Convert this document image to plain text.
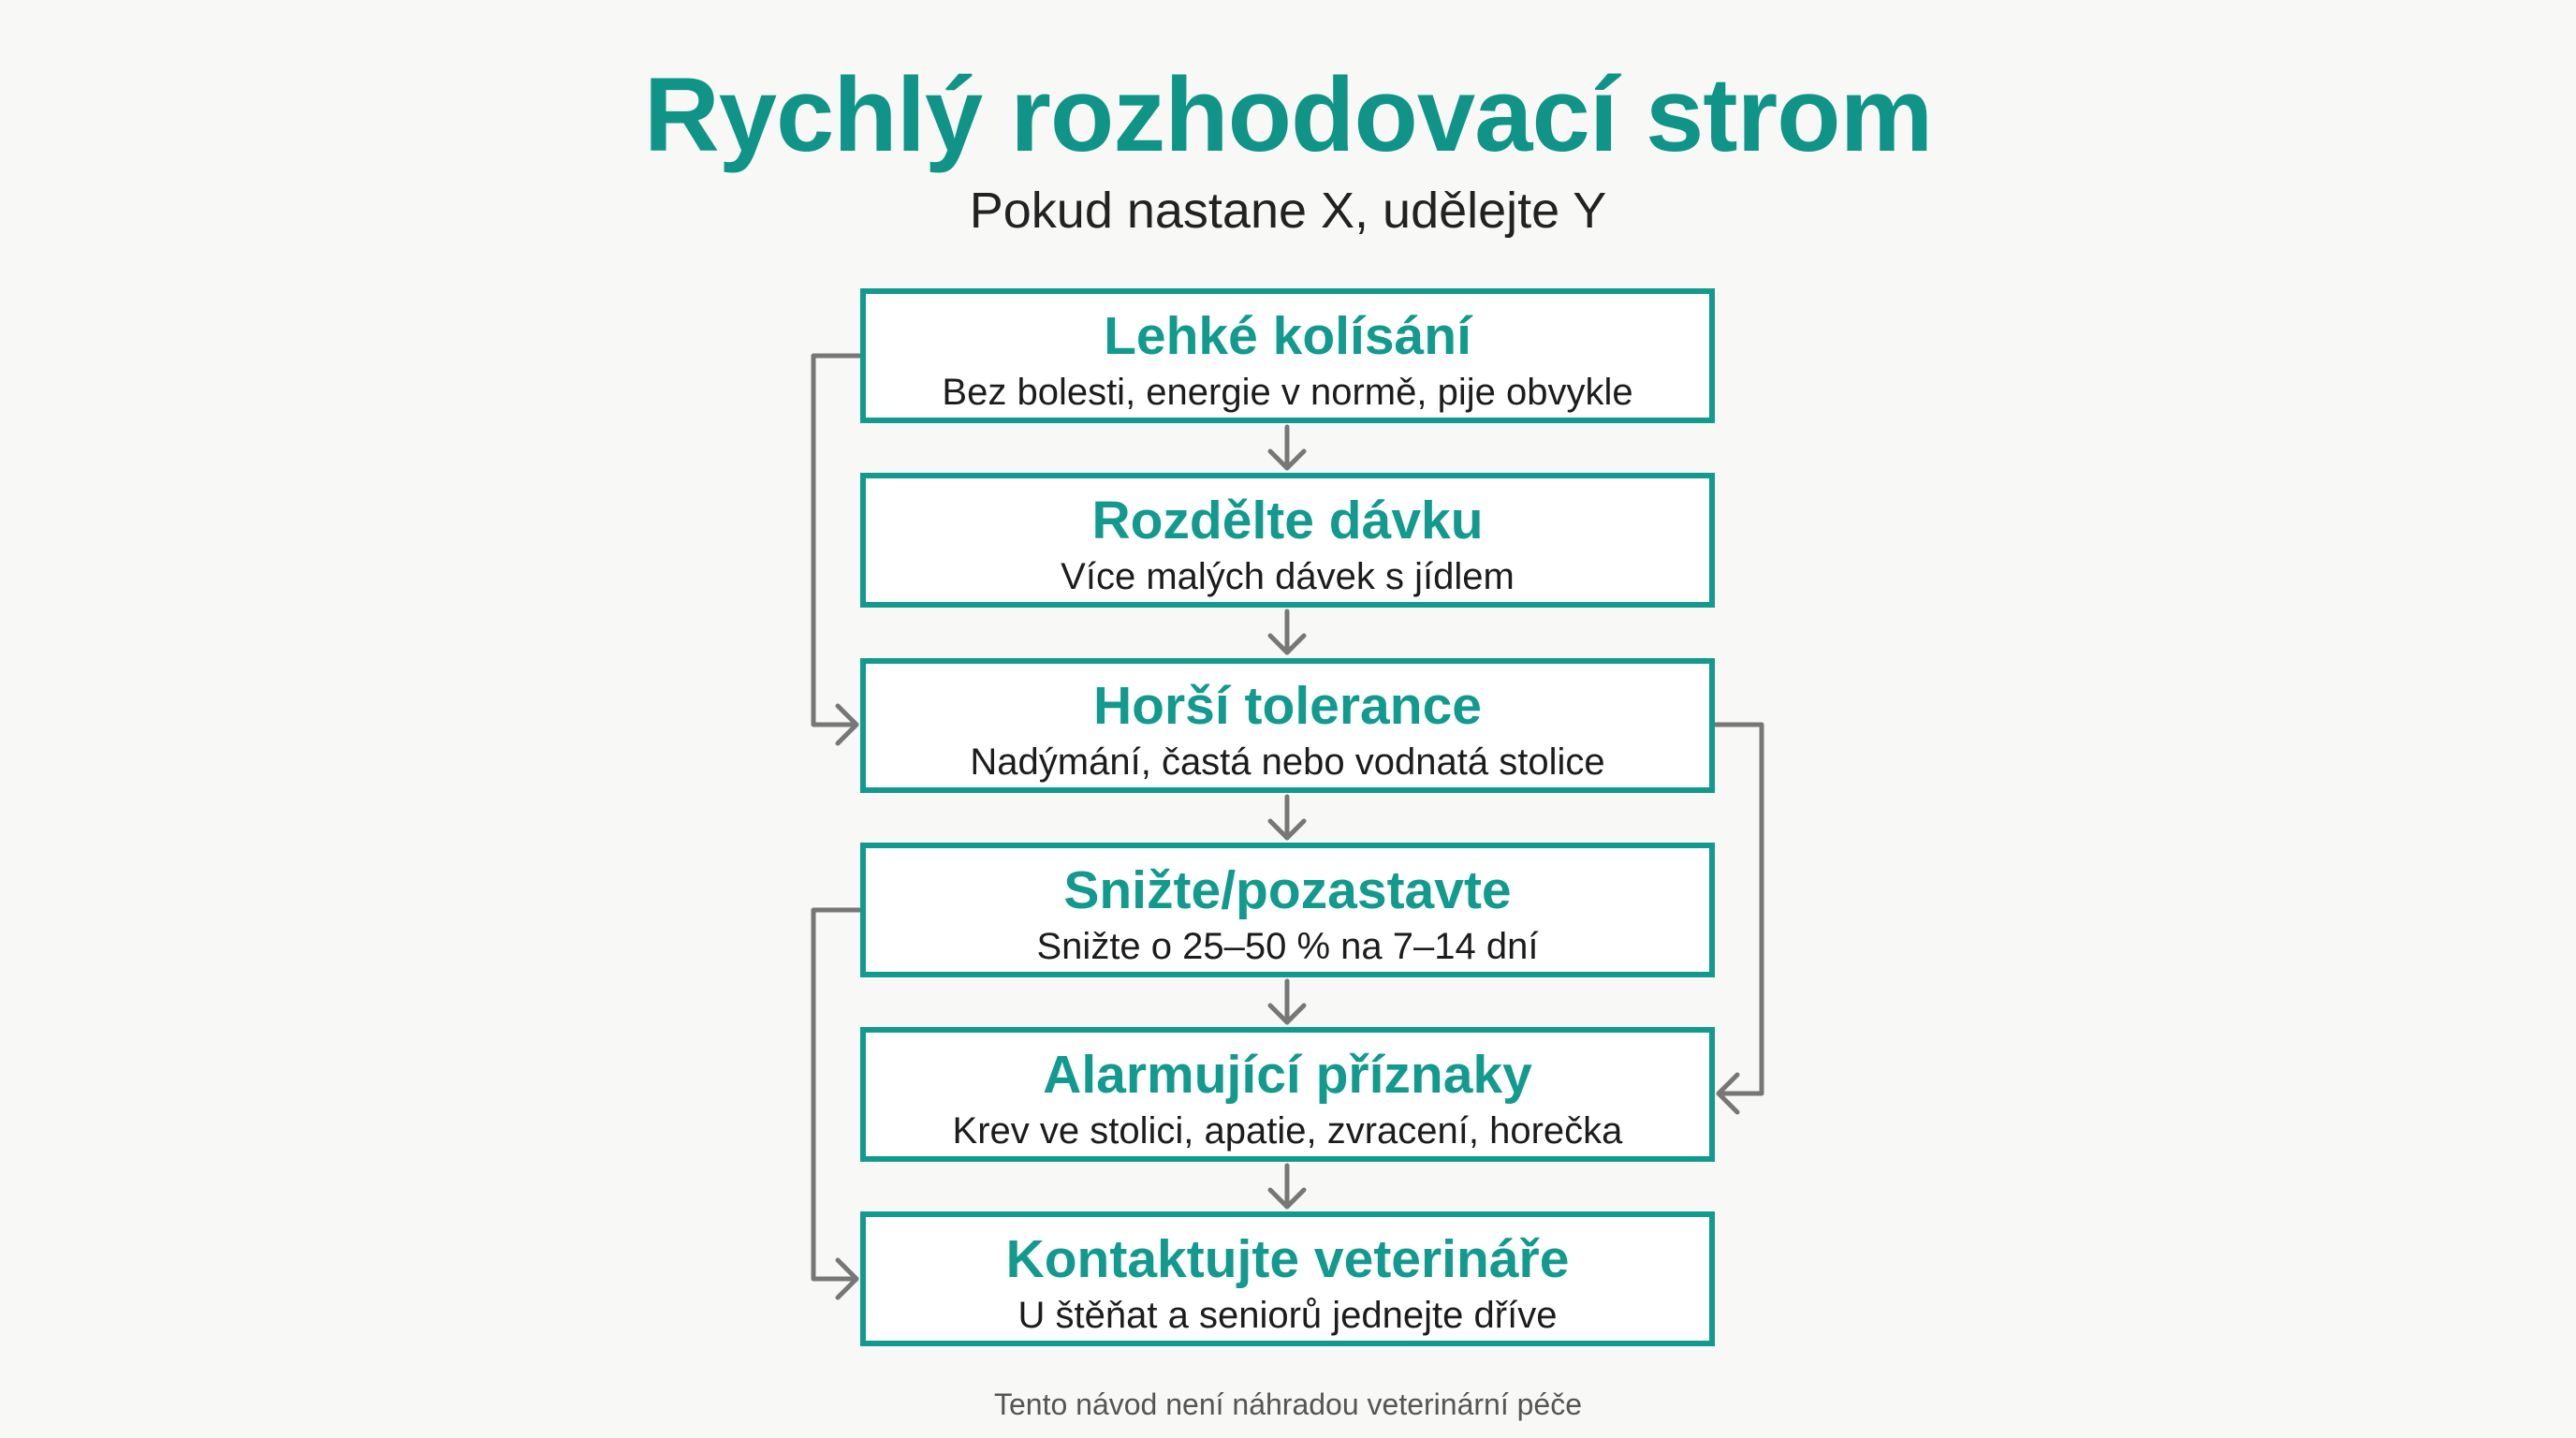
Rychlý rozhodovací strom
Pokud nastane X, udělejte Y
Lehké kolísání
Bez bolesti, energie v normě, pije obvykle
Rozdělte dávku
Více malých dávek s jídlem
Horší tolerance
Nadýmání, častá nebo vodnatá stolice
Snižte/pozastavte
Snižte o 25–50 % na 7–14 dní
Alarmující příznaky
Krev ve stolici, apatie, zvracení, horečka
Kontaktujte veterináře
U štěňat a seniorů jednejte dříve
Tento návod není náhradou veterinární péče
